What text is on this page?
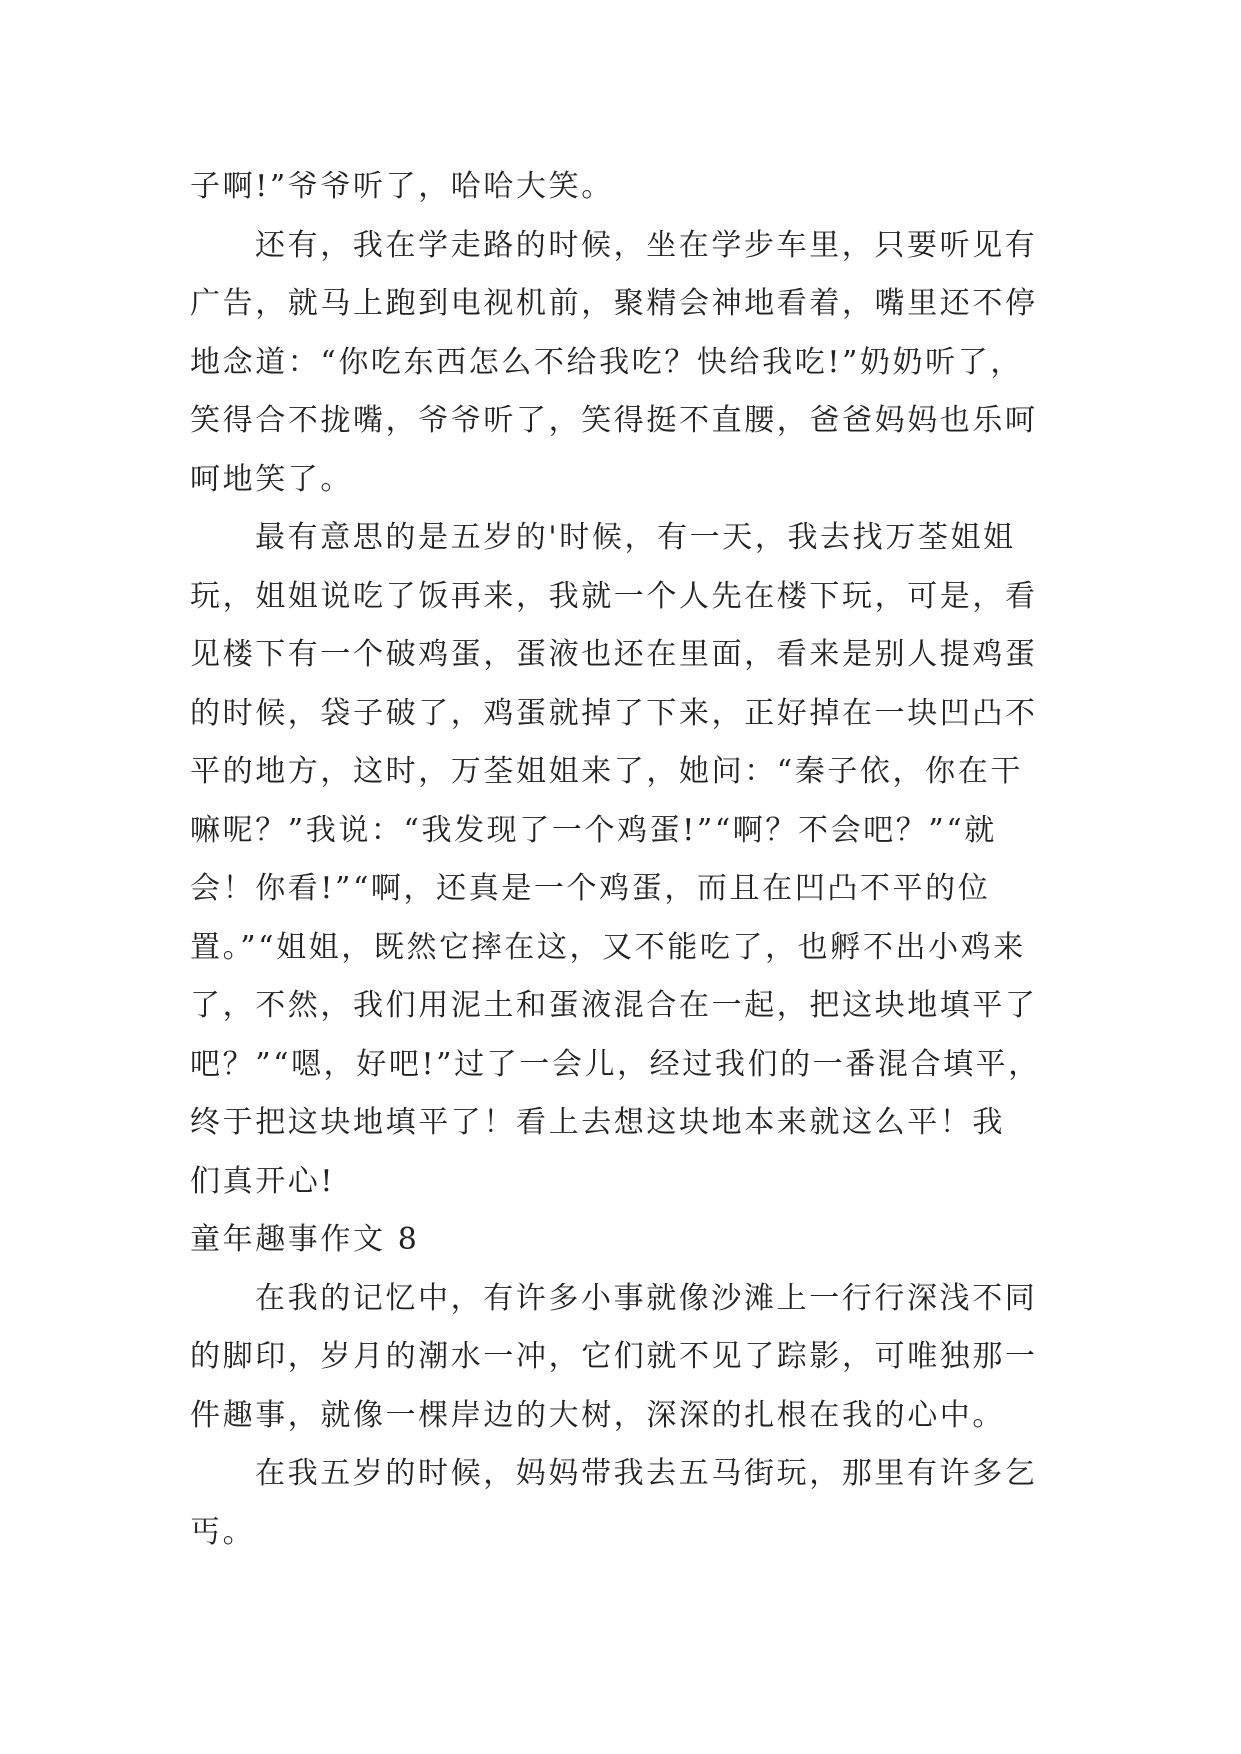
子啊!”爷爷听了，哈哈大笑。
还有，我在学走路的时候，坐在学步车里，只要听见有
广告，就马上跑到电视机前，聚精会神地看着，嘴里还不停
地念道：“你吃东西怎么不给我吃？快给我吃!”奶奶听了，
笑得合不拢嘴，爷爷听了，笑得挺不直腰，爸爸妈妈也乐呵
呵地笑了。
最有意思的是五岁的'时候，有一天，我去找万荃姐姐
玩，姐姐说吃了饭再来，我就一个人先在楼下玩，可是，看
见楼下有一个破鸡蛋，蛋液也还在里面，看来是别人提鸡蛋
的时候，袋子破了，鸡蛋就掉了下来，正好掉在一块凹凸不
平的地方，这时，万荃姐姐来了，她问：“秦子依，你在干
嘛呢？”我说：“我发现了一个鸡蛋!”“啊？不会吧？”“就
会！你看!”“啊，还真是一个鸡蛋，而且在凹凸不平的位
置。”“姐姐，既然它摔在这，又不能吃了，也孵不出小鸡来
了，不然，我们用泥土和蛋液混合在一起，把这块地填平了
吧？”“嗯，好吧!”过了一会儿，经过我们的一番混合填平，
终于把这块地填平了！看上去想这块地本来就这么平！我
们真开心!
童年趣事作文 8
在我的记忆中，有许多小事就像沙滩上一行行深浅不同
的脚印，岁月的潮水一冲，它们就不见了踪影，可唯独那一
件趣事，就像一棵岸边的大树，深深的扎根在我的心中。
在我五岁的时候，妈妈带我去五马街玩，那里有许多乞
丐。
